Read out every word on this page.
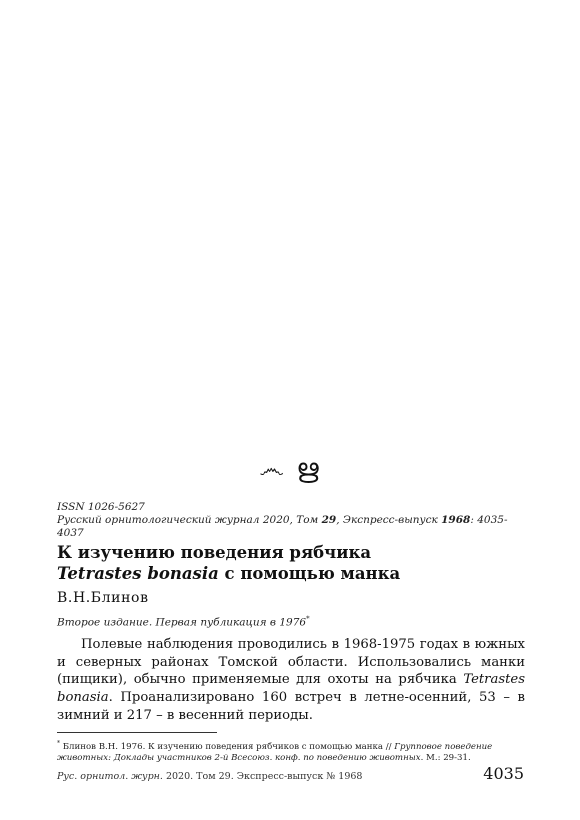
෴ ഋ
ISSN 1026-5627
Русский орнитологический журнал 2020, Том 29, Экспресс-выпуск 1968: 4035-4037
К изучению поведения рябчика
Tetrastes bonasia с помощью манка
В.Н.Блинов
Второе издание. Первая публикация в 1976*
Полевые наблюдения проводились в 1968-1975 годах в южных и северных районах Томской области. Использовались манки (пищики), обычно применяемые для охоты на рябчика Tetrastes bonasia. Проанализировано 160 встреч в летне-осенний, 53 – в зимний и 217 – в весенний периоды.
* Блинов В.Н. 1976. К изучению поведения рябчиков с помощью манка // Групповое поведение животных: Доклады участников 2-й Всесоюз. конф. по поведению животных. М.: 29-31.
Рус. орнитол. журн. 2020. Том 29. Экспресс-выпуск № 1968	4035
